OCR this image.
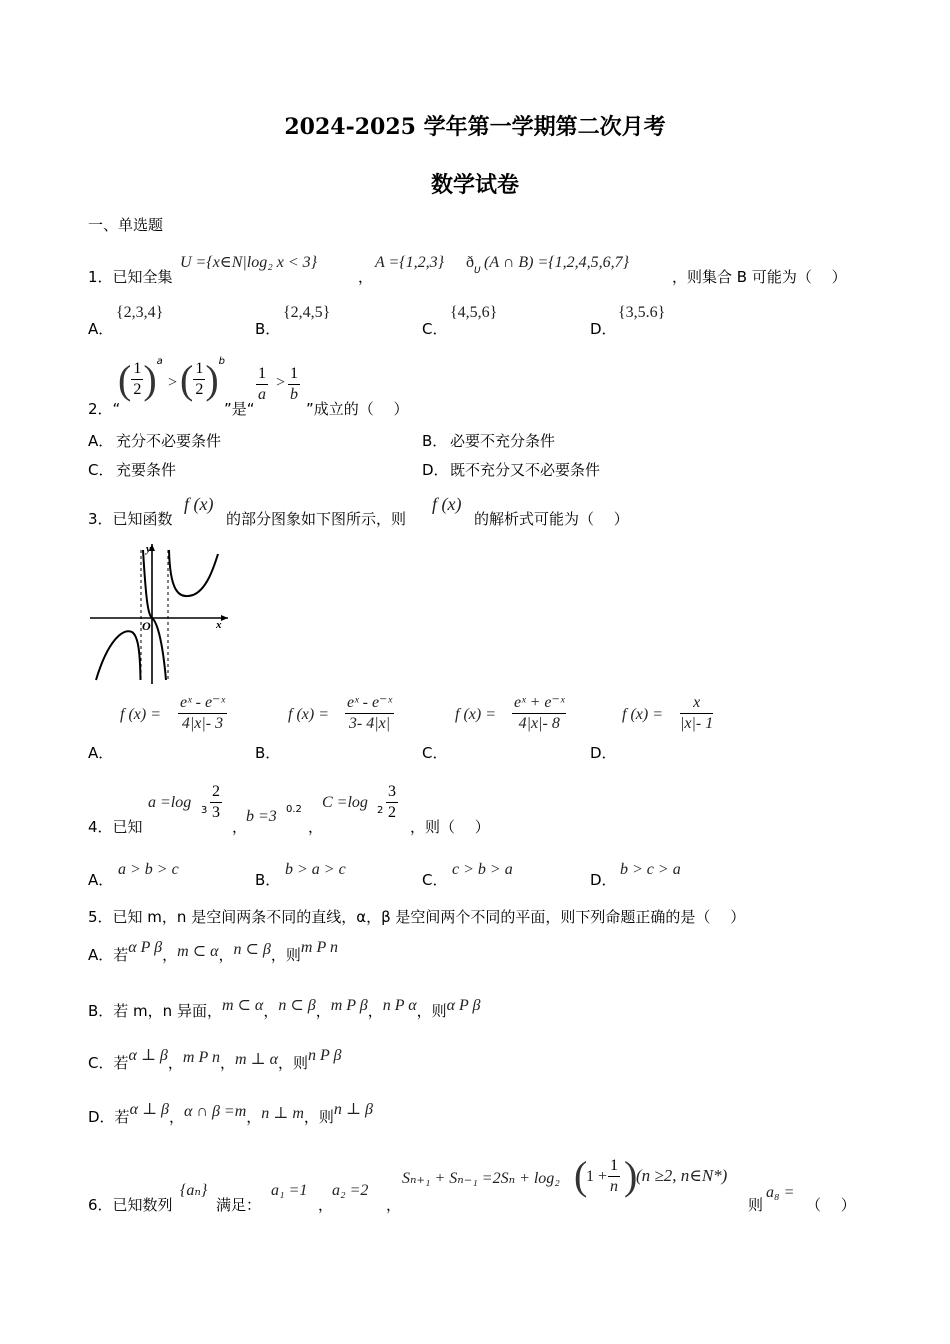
2024-2025 学年第一学期第二次月考
数学试卷
一、单选题
1．已知全集
U ={x∈N|log₂ x < 3}
，
A ={1,2,3} ð U (A ∩ B) ={1,2,4,5,6,7}
，则集合 B 可能为（　 ）
A．
{2,3,4}
B．
{2,4,5}
C．
{4,5,6}
D．
{3,5.6}
2．“
( $\frac{1}{2} )^a$
> ( $\frac{1}{2} )^b$
”是“
$\frac{1}{a} > \frac{1}{b}$
”成立的（　 ）
A． 充分不必要条件	B． 必要不充分条件
C． 充要条件	D． 既不充分又不必要条件
3．已知函数
f (x)
的部分图象如下图所示，则
f (x)
的解析式可能为（　 ）
y
x
O
A．
f $(x) = \frac{\text{eˣ - e⁻ˣ}}{4|x|- 3}$
B．
f $(x) = \frac{\text{eˣ - e⁻ˣ}}{3- 4|x|}$
C．
f $(x) = \frac{\text{eˣ + e⁻ˣ}}{4|x|- 8}$
D．
f $(x) = \frac{x}{|x|- 1}$
4．已知
a =log $3 \frac{2}{3}$
，
b =3 0.2
，
C =log $2 \frac{3}{2}$
，则（　 ）
A．
a > b > c
B．
b > a > c
C．
c > b > a
D．
b > c > a
5．已知 m，n 是空间两条不同的直线，α，β 是空间两个不同的平面，则下列命题正确的是（　 ）
A．若α P β，m ⊂ α，n ⊂ β，则m P n
B．若 m，n 异面，m ⊂ α，n ⊂ β，m P β，n P α，则α P β
C．若α ⊥ β，m P n，m ⊥ α，则n P β
D．若α ⊥ β，α ∩ β =m，n ⊥ m，则n ⊥ β
6．已知数列
{aₙ}
满足：
a₁ =1
，
a₂ =2
，
Sₙ₊₁ + Sₙ₋₁ =2Sₙ + log₂ (
$1 + \frac{1}{n}$ )
(n ≥2, n∈N*)
则
a₈ =
（　 ）
